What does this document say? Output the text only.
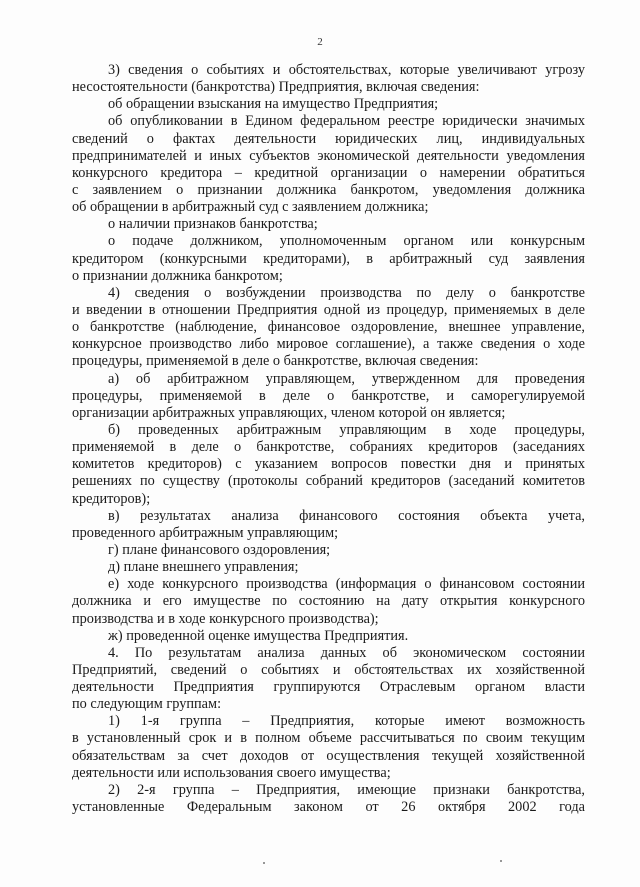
2
3) сведения о событиях и обстоятельствах, которые увеличивают угрозу
несостоятельности (банкротства) Предприятия, включая сведения:
об обращении взыскания на имущество Предприятия;
об опубликовании в Едином федеральном реестре юридически значимых
сведений о фактах деятельности юридических лиц, индивидуальных
предпринимателей и иных субъектов экономической деятельности уведомления
конкурсного кредитора – кредитной организации о намерении обратиться
с заявлением о признании должника банкротом, уведомления должника
об обращении в арбитражный суд с заявлением должника;
о наличии признаков банкротства;
о подаче должником, уполномоченным органом или конкурсным
кредитором (конкурсными кредиторами), в арбитражный суд заявления
о признании должника банкротом;
4) сведения о возбуждении производства по делу о банкротстве
и введении в отношении Предприятия одной из процедур, применяемых в деле
о банкротстве (наблюдение, финансовое оздоровление, внешнее управление,
конкурсное производство либо мировое соглашение), а также сведения о ходе
процедуры, применяемой в деле о банкротстве, включая сведения:
а) об арбитражном управляющем, утвержденном для проведения
процедуры, применяемой в деле о банкротстве, и саморегулируемой
организации арбитражных управляющих, членом которой он является;
б) проведенных арбитражным управляющим в ходе процедуры,
применяемой в деле о банкротстве, собраниях кредиторов (заседаниях
комитетов кредиторов) с указанием вопросов повестки дня и принятых
решениях по существу (протоколы собраний кредиторов (заседаний комитетов
кредиторов);
в) результатах анализа финансового состояния объекта учета,
проведенного арбитражным управляющим;
г) плане финансового оздоровления;
д) плане внешнего управления;
е) ходе конкурсного производства (информация о финансовом состоянии
должника и его имуществе по состоянию на дату открытия конкурсного
производства и в ходе конкурсного производства);
ж) проведенной оценке имущества Предприятия.
4. По результатам анализа данных об экономическом состоянии
Предприятий, сведений о событиях и обстоятельствах их хозяйственной
деятельности Предприятия группируются Отраслевым органом власти
по следующим группам:
1) 1-я группа – Предприятия, которые имеют возможность
в установленный срок и в полном объеме рассчитываться по своим текущим
обязательствам за счет доходов от осуществления текущей хозяйственной
деятельности или использования своего имущества;
2) 2-я группа – Предприятия, имеющие признаки банкротства,
установленные Федеральным законом от 26 октября 2002 года
